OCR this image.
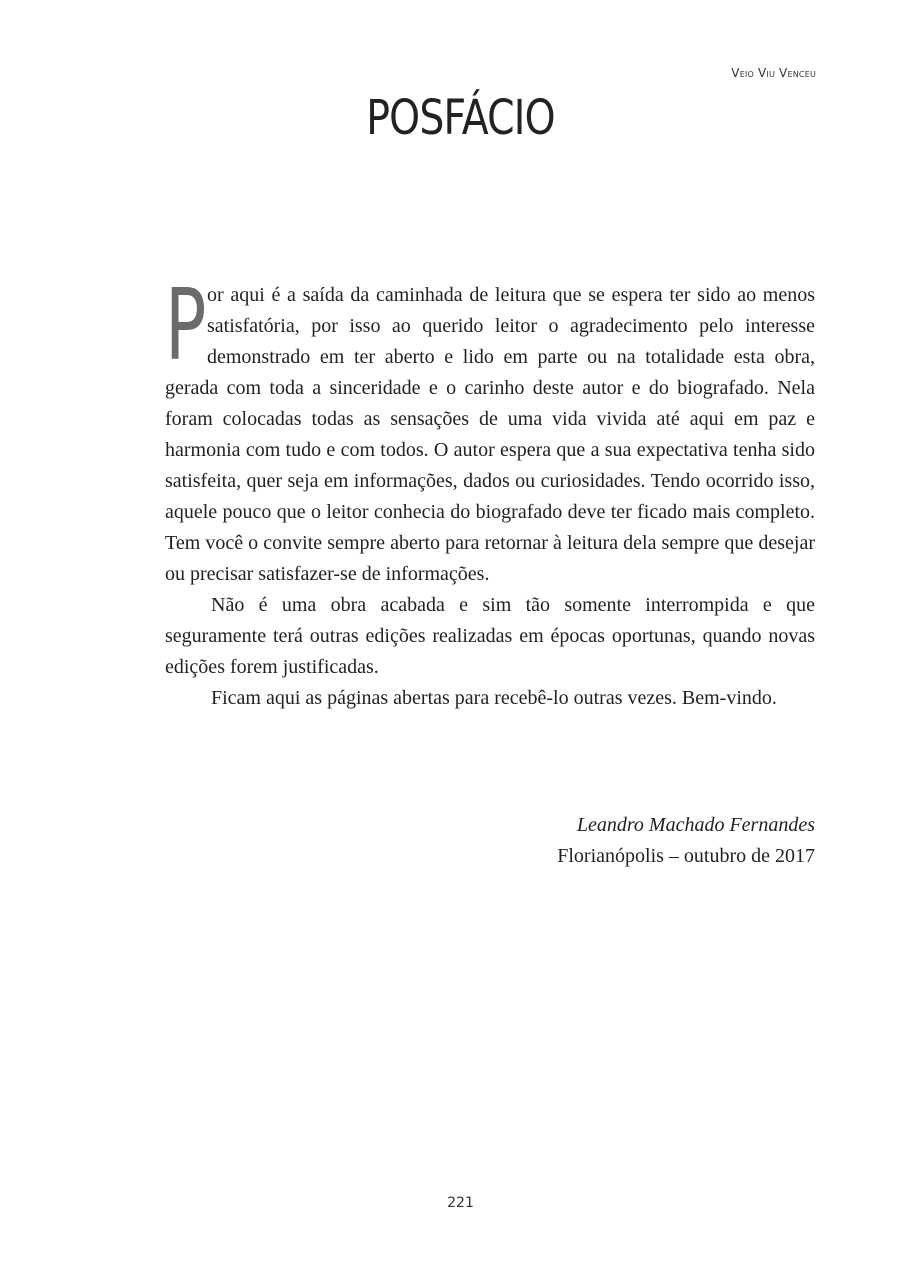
Veio Viu Venceu
POSFÁCIO

Por aqui é a saída da caminhada de leitura que se espera ter sido ao menos satisfatória, por isso ao querido leitor o agradecimento pelo interesse demonstrado em ter aberto e lido em parte ou na totalidade esta obra, gerada com toda a sinceridade e o carinho deste autor e do biografado. Nela foram colocadas todas as sensações de uma vida vivida até aqui em paz e harmonia com tudo e com todos. O autor espera que a sua expectativa tenha sido satisfeita, quer seja em informações, dados ou curiosidades. Tendo ocorrido isso, aquele pouco que o leitor conhecia do biografado deve ter ficado mais completo. Tem você o convite sempre aberto para retornar à leitura dela sempre que desejar ou precisar satisfazer-se de informações.

Não é uma obra acabada e sim tão somente interrompida e que seguramente terá outras edições realizadas em épocas oportunas, quando novas edições forem justificadas.

Ficam aqui as páginas abertas para recebê-lo outras vezes. Bem-vindo.

Leandro Machado Fernandes
Florianópolis – outubro de 2017
221
